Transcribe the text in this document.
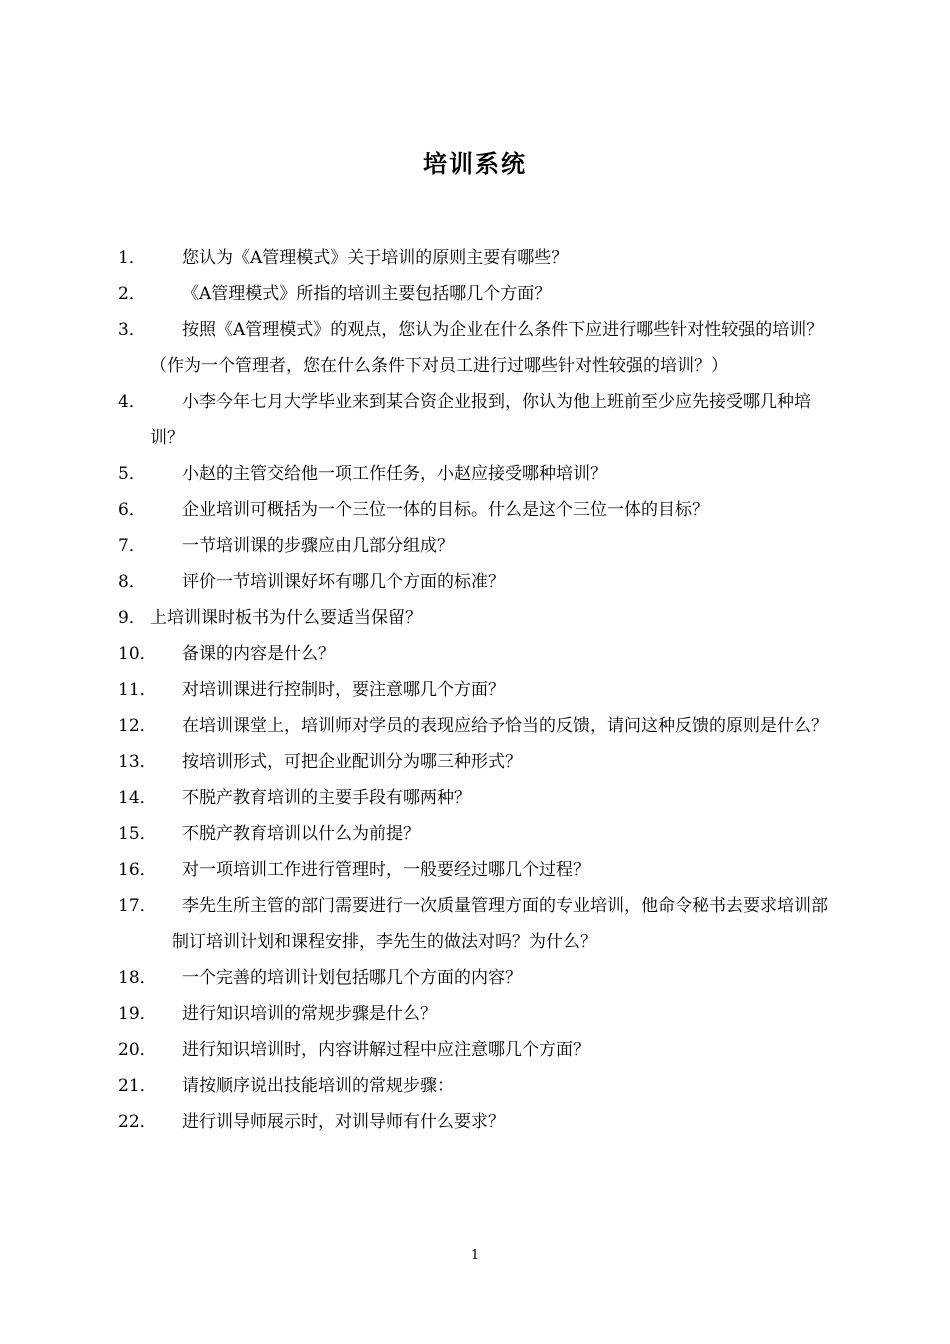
培训系统
1．	您认为《A管理模式》关于培训的原则主要有哪些？
2．	《A管理模式》所指的培训主要包括哪几个方面？
3．	按照《A管理模式》的观点，您认为企业在什么条件下应进行哪些针对性较强的培训？（作为一个管理者，您在什么条件下对员工进行过哪些针对性较强的培训？）
4．	小李今年七月大学毕业来到某合资企业报到，你认为他上班前至少应先接受哪几种培训？
5．	小赵的主管交给他一项工作任务，小赵应接受哪种培训？
6．	企业培训可概括为一个三位一体的目标。什么是这个三位一体的目标？
7．	一节培训课的步骤应由几部分组成？
8．	评价一节培训课好坏有哪几个方面的标准？
9． 上培训课时板书为什么要适当保留？
10．	备课的内容是什么？
11．	对培训课进行控制时，要注意哪几个方面？
12．	在培训课堂上，培训师对学员的表现应给予恰当的反馈，请问这种反馈的原则是什么？
13．	按培训形式，可把企业配训分为哪三种形式？
14．	不脱产教育培训的主要手段有哪两种？
15．	不脱产教育培训以什么为前提？
16．	对一项培训工作进行管理时，一般要经过哪几个过程？
17．	李先生所主管的部门需要进行一次质量管理方面的专业培训，他命令秘书去要求培训部制订培训计划和课程安排，李先生的做法对吗？为什么？
18．	一个完善的培训计划包括哪几个方面的内容？
19．	进行知识培训的常规步骤是什么？
20．	进行知识培训时，内容讲解过程中应注意哪几个方面？
21．	请按顺序说出技能培训的常规步骤：
22．	进行训导师展示时，对训导师有什么要求？
1
